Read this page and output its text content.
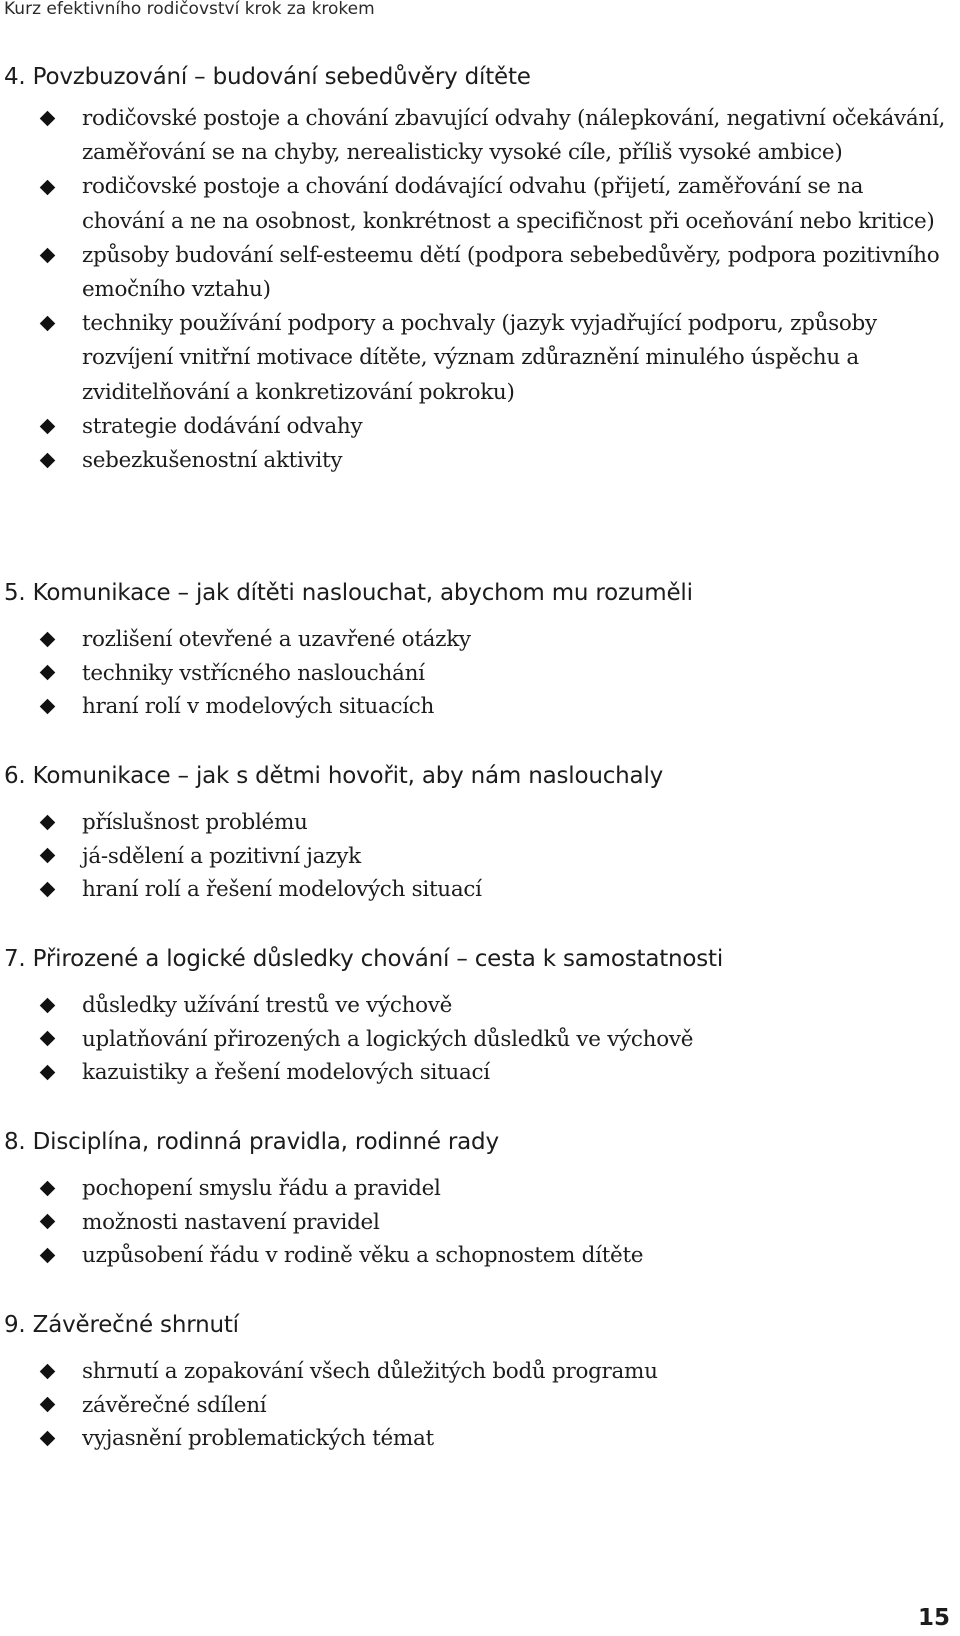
Kurz efektivního rodičovství krok za krokem
4. Povzbuzování – budování sebedůvěry dítěte

rodičovské postoje a chování zbavující odvahy (nálepkování, negativní očekávání, zaměřování se na chyby, nerealisticky vysoké cíle, příliš vysoké ambice)

rodičovské postoje a chování dodávající odvahu (přijetí, zaměřování se na chování a ne na osobnost, konkrétnost a specifičnost při oceňování nebo kritice)

způsoby budování self-esteemu dětí (podpora sebebedůvěry, podpora pozitivního emočního vztahu)

techniky používání podpory a pochvaly (jazyk vyjadřující podporu, způsoby rozvíjení vnitřní motivace dítěte, význam zdůraznění minulého úspěchu a zviditelňování a konkretizování pokroku)

strategie dodávání odvahy

sebezkušenostní aktivity

5. Komunikace – jak dítěti naslouchat, abychom mu rozuměli

rozlišení otevřené a uzavřené otázky

techniky vstřícného naslouchání

hraní rolí v modelových situacích

6. Komunikace – jak s dětmi hovořit, aby nám naslouchaly

příslušnost problému

já-sdělení a pozitivní jazyk

hraní rolí a řešení modelových situací

7. Přirozené a logické důsledky chování – cesta k samostatnosti

důsledky užívání trestů ve výchově

uplatňování přirozených a logických důsledků ve výchově

kazuistiky a řešení modelových situací

8. Disciplína, rodinná pravidla, rodinné rady

pochopení smyslu řádu a pravidel

možnosti nastavení pravidel

uzpůsobení řádu v rodině věku a schopnostem dítěte

9. Závěrečné shrnutí

shrnutí a zopakování všech důležitých bodů programu

závěrečné sdílení

vyjasnění problematických témat

15
